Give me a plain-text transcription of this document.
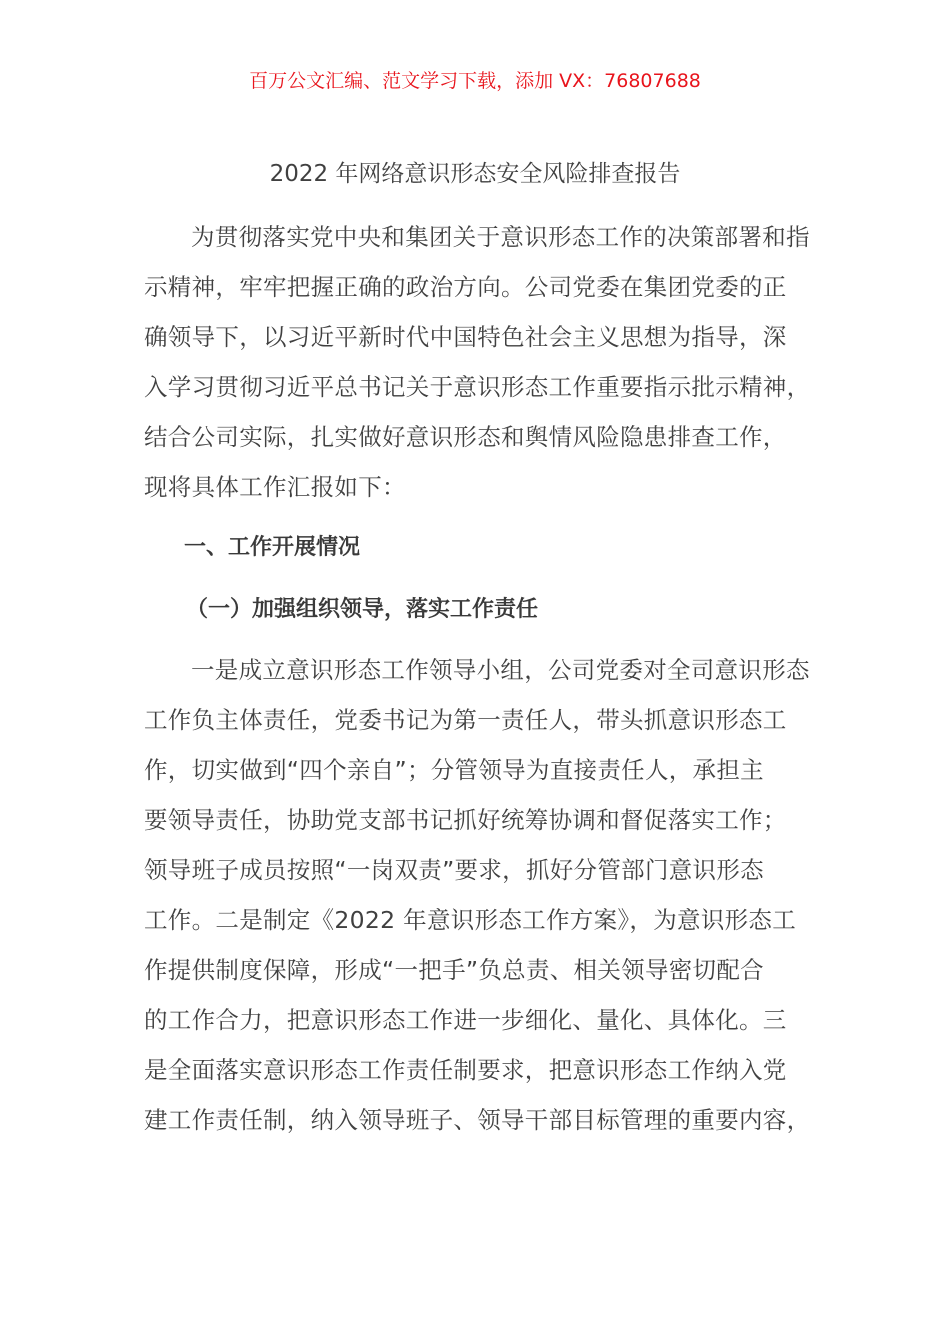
百万公文汇编、范文学习下载，添加 VX：76807688
2022 年网络意识形态安全风险排查报告
为贯彻落实党中央和集团关于意识形态工作的决策部署和指
示精神，牢牢把握正确的政治方向。公司党委在集团党委的正
确领导下，以习近平新时代中国特色社会主义思想为指导，深
入学习贯彻习近平总书记关于意识形态工作重要指示批示精神，
结合公司实际，扎实做好意识形态和舆情风险隐患排查工作，
现将具体工作汇报如下：
一、工作开展情况
（一）加强组织领导，落实工作责任
一是成立意识形态工作领导小组，公司党委对全司意识形态
工作负主体责任，党委书记为第一责任人，带头抓意识形态工
作，切实做到“四个亲自”；分管领导为直接责任人，承担主
要领导责任，协助党支部书记抓好统筹协调和督促落实工作；
领导班子成员按照“一岗双责”要求，抓好分管部门意识形态
工作。二是制定《2022 年意识形态工作方案》，为意识形态工
作提供制度保障，形成“一把手”负总责、相关领导密切配合
的工作合力，把意识形态工作进一步细化、量化、具体化。三
是全面落实意识形态工作责任制要求，把意识形态工作纳入党
建工作责任制，纳入领导班子、领导干部目标管理的重要内容，
